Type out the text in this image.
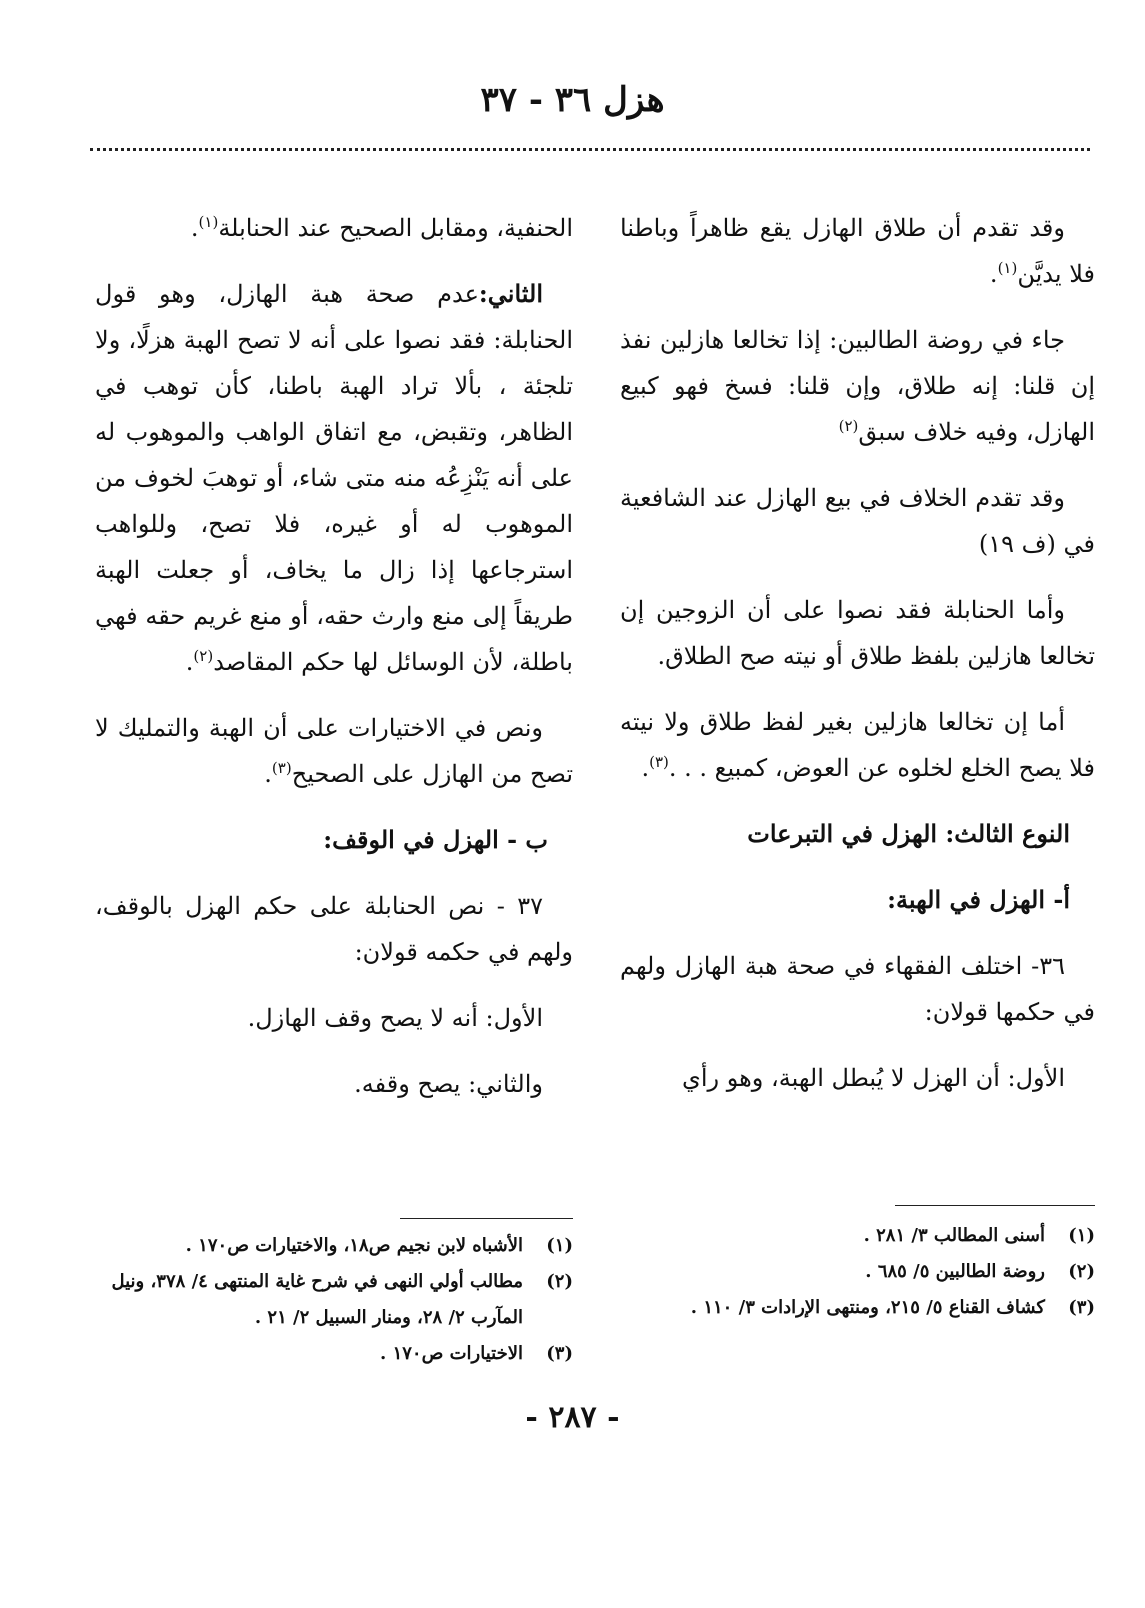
هزل ٣٦ - ٣٧

وقد تقدم أن طلاق الهازل يقع ظاهراً وباطنا فلا يديَّن$^{(١)}$.

جاء في روضة الطالبين: إذا تخالعا هازلين نفذ إن قلنا: إنه طلاق، وإن قلنا: فسخ فهو كبيع الهازل، وفيه خلاف سبق$^{(٢)}$

وقد تقدم الخلاف في بيع الهازل عند الشافعية في (ف ١٩)

وأما الحنابلة فقد نصوا على أن الزوجين إن تخالعا هازلين بلفظ طلاق أو نيته صح الطلاق.

أما إن تخالعا هازلين بغير لفظ طلاق ولا نيته فلا يصح الخلع لخلوه عن العوض، كمبيع . . .$^{(٣)}$.

النوع الثالث: الهزل في التبرعات

أ- الهزل في الهبة:

٣٦- اختلف الفقهاء في صحة هبة الهازل ولهم في حكمها قولان:

الأول: أن الهزل لا يُبطل الهبة، وهو رأي

الحنفية، ومقابل الصحيح عند الحنابلة$^{(١)}$.

الثاني:عدم صحة هبة الهازل، وهو قول الحنابلة: فقد نصوا على أنه لا تصح الهبة هزلًا، ولا تلجئة ، بألا تراد الهبة باطنا، كأن توهب في الظاهر، وتقبض، مع اتفاق الواهب والموهوب له على أنه يَنْزِعُه منه متى شاء، أو توهبَ لخوف من الموهوب له أو غيره، فلا تصح، وللواهب استرجاعها إذا زال ما يخاف، أو جعلت الهبة طريقاً إلى منع وارث حقه، أو منع غريم حقه فهي باطلة، لأن الوسائل لها حكم المقاصد$^{(٢)}$.

ونص في الاختيارات على أن الهبة والتمليك لا تصح من الهازل على الصحيح$^{(٣)}$.

ب - الهزل في الوقف:

٣٧ - نص الحنابلة على حكم الهزل بالوقف، ولهم في حكمه قولان:

الأول: أنه لا يصح وقف الهازل.

والثاني: يصح وقفه.

(١)
أسنى المطالب ٣/ ٢٨١ .
(٢)
روضة الطالبين ٥/ ٦٨٥ .
(٣)
كشاف القناع ٥/ ٢١٥، ومنتهى الإرادات ٣/ ١١٠ .
(١)
الأشباه لابن نجيم ص١٨، والاختيارات ص١٧٠ .
(٢)
مطالب أولي النهى في شرح غاية المنتهى ٤/ ٣٧٨، ونيل المآرب ٢/ ٢٨، ومنار السبيل ٢/ ٢١ .
(٣)
الاختيارات ص١٧٠ .
- ٢٨٧ -
